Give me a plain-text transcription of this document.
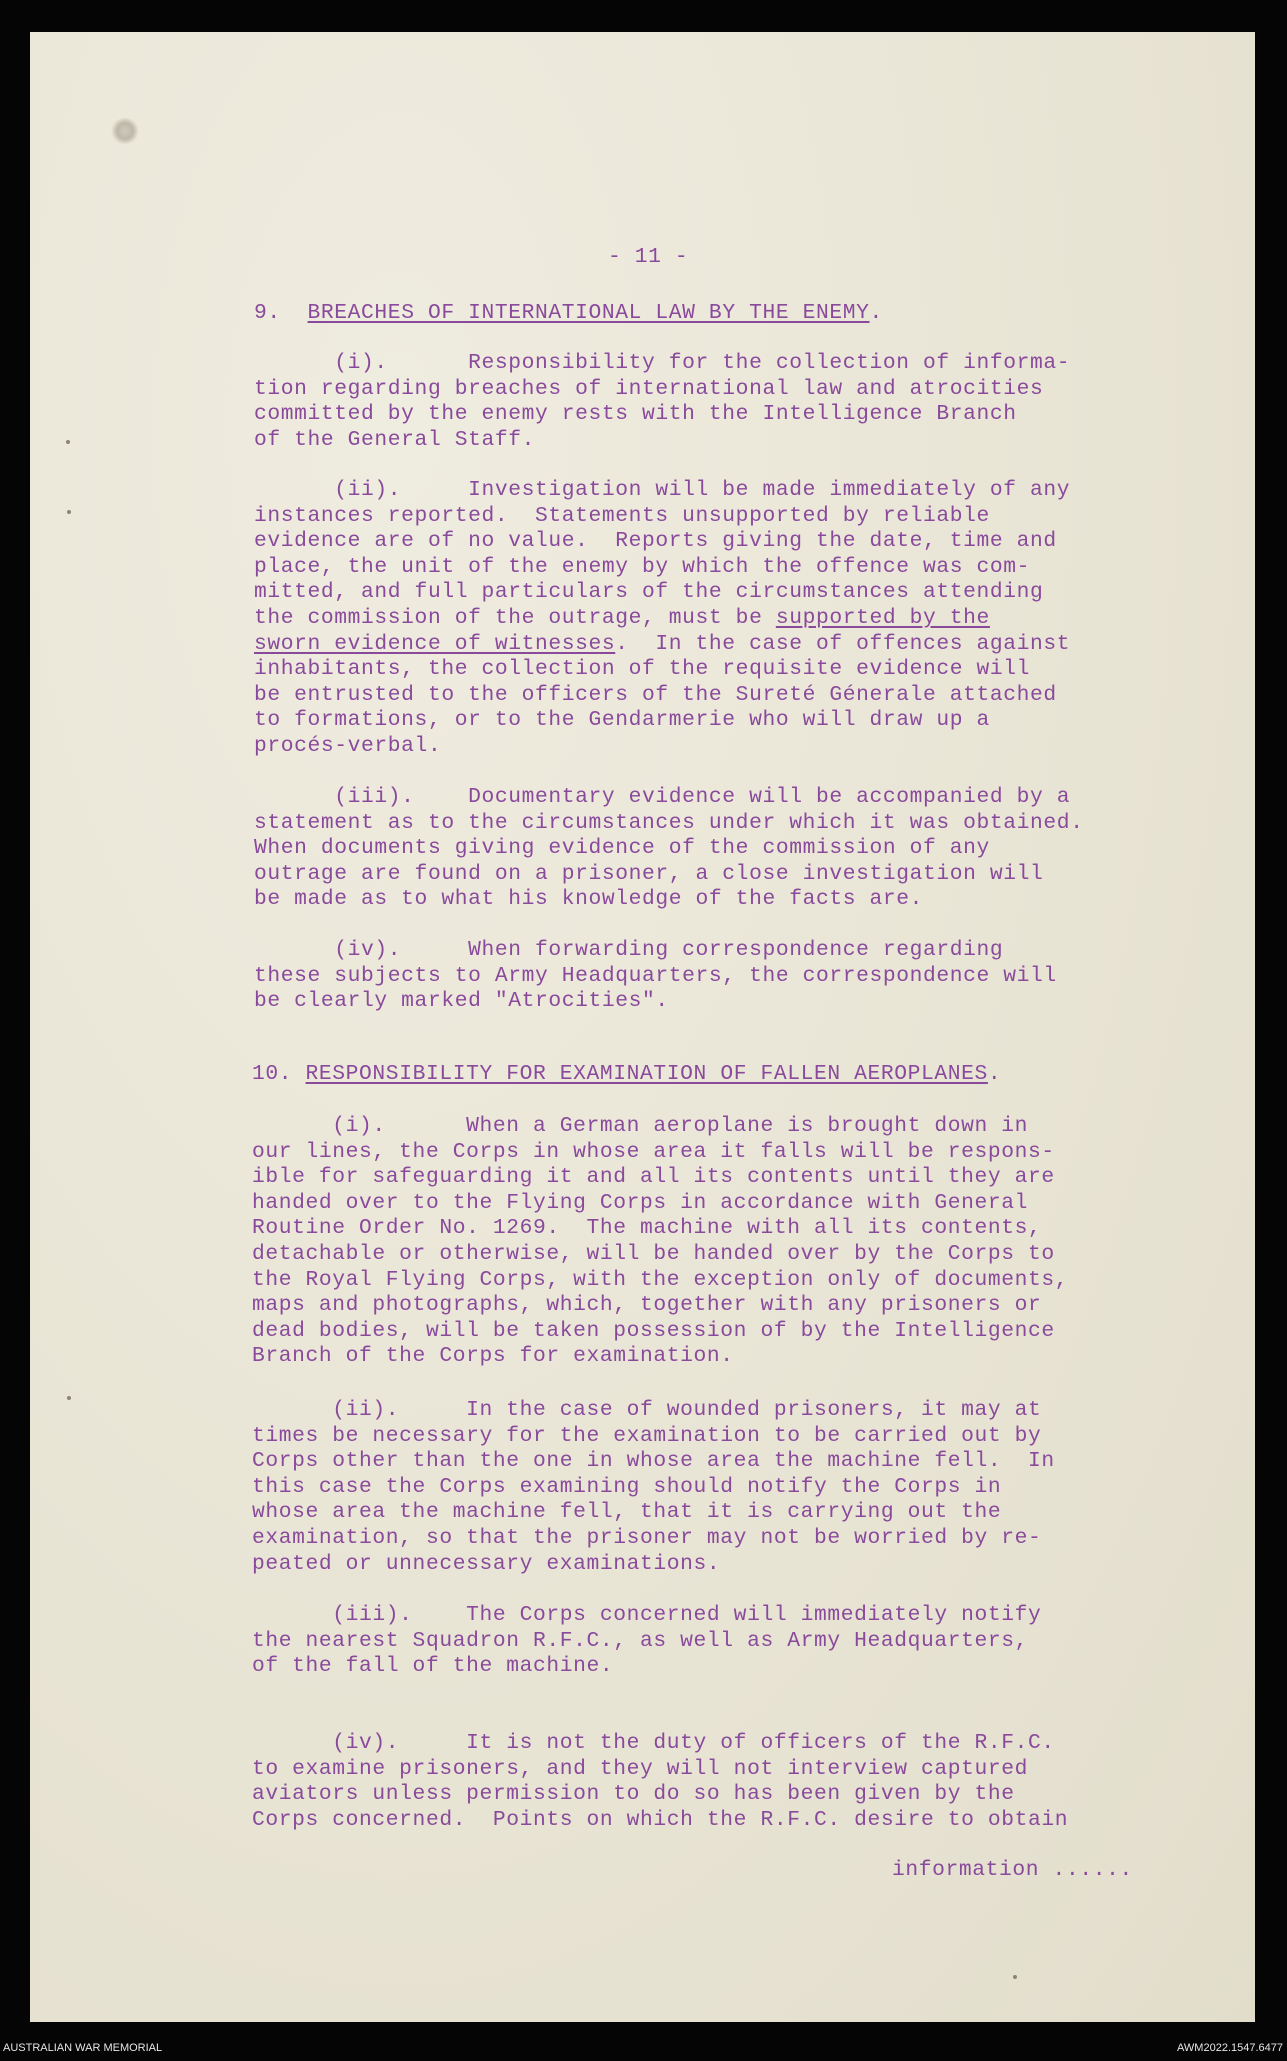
- 11 -
9. BREACHES OF INTERNATIONAL LAW BY THE ENEMY.
(i).      Responsibility for the collection of informa-
tion regarding breaches of international law and atrocities
committed by the enemy rests with the Intelligence Branch
of the General Staff.
(ii).     Investigation will be made immediately of any
instances reported.  Statements unsupported by reliable
evidence are of no value.  Reports giving the date, time and
place, the unit of the enemy by which the offence was com-
mitted, and full particulars of the circumstances attending
the commission of the outrage, must be supported by the
sworn evidence of witnesses.  In the case of offences against
inhabitants, the collection of the requisite evidence will
be entrusted to the officers of the Sureté Génerale attached
to formations, or to the Gendarmerie who will draw up a
procés-verbal.
(iii).    Documentary evidence will be accompanied by a
statement as to the circumstances under which it was obtained.
When documents giving evidence of the commission of any
outrage are found on a prisoner, a close investigation will
be made as to what his knowledge of the facts are.
(iv).     When forwarding correspondence regarding
these subjects to Army Headquarters, the correspondence will
be clearly marked "Atrocities".
10. RESPONSIBILITY FOR EXAMINATION OF FALLEN AEROPLANES.
(i).      When a German aeroplane is brought down in
our lines, the Corps in whose area it falls will be respons-
ible for safeguarding it and all its contents until they are
handed over to the Flying Corps in accordance with General
Routine Order No. 1269.  The machine with all its contents,
detachable or otherwise, will be handed over by the Corps to
the Royal Flying Corps, with the exception only of documents,
maps and photographs, which, together with any prisoners or
dead bodies, will be taken possession of by the Intelligence
Branch of the Corps for examination.
(ii).     In the case of wounded prisoners, it may at
times be necessary for the examination to be carried out by
Corps other than the one in whose area the machine fell.  In
this case the Corps examining should notify the Corps in
whose area the machine fell, that it is carrying out the
examination, so that the prisoner may not be worried by re-
peated or unnecessary examinations.
(iii).    The Corps concerned will immediately notify
the nearest Squadron R.F.C., as well as Army Headquarters,
of the fall of the machine.
(iv).     It is not the duty of officers of the R.F.C.
to examine prisoners, and they will not interview captured
aviators unless permission to do so has been given by the
Corps concerned.  Points on which the R.F.C. desire to obtain
information ......
AUSTRALIAN WAR MEMORIAL	AWM2022.1547.6477
